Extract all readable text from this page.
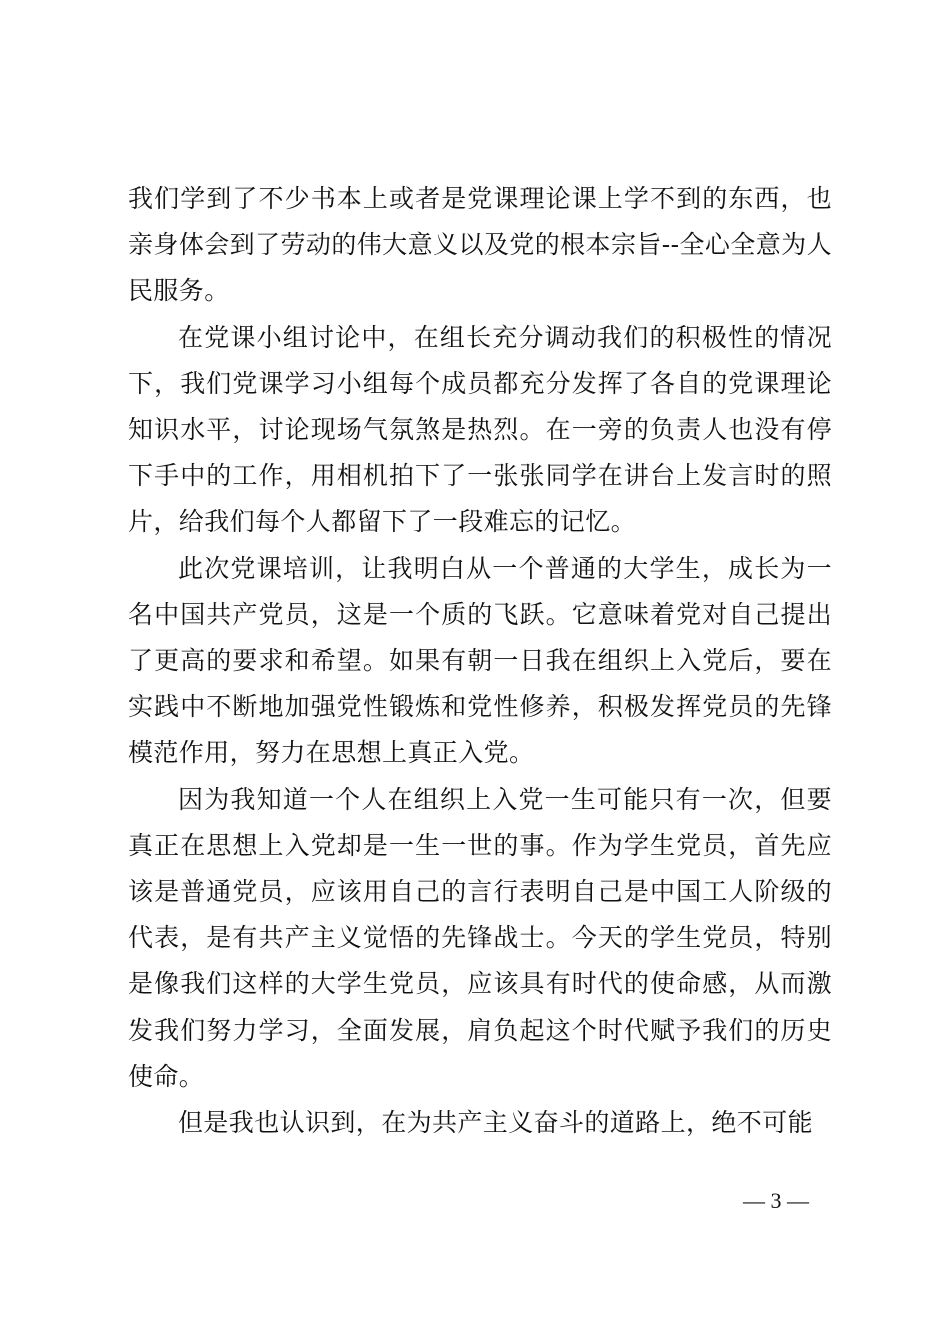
我们学到了不少书本上或者是党课理论课上学不到的东西，也亲身体会到了劳动的伟大意义以及党的根本宗旨--全心全意为人民服务。

在党课小组讨论中，在组长充分调动我们的积极性的情况下，我们党课学习小组每个成员都充分发挥了各自的党课理论知识水平，讨论现场气氛煞是热烈。在一旁的负责人也没有停下手中的工作，用相机拍下了一张张同学在讲台上发言时的照片，给我们每个人都留下了一段难忘的记忆。

此次党课培训，让我明白从一个普通的大学生，成长为一名中国共产党员，这是一个质的飞跃。它意味着党对自己提出了更高的要求和希望。如果有朝一日我在组织上入党后，要在实践中不断地加强党性锻炼和党性修养，积极发挥党员的先锋模范作用，努力在思想上真正入党。

因为我知道一个人在组织上入党一生可能只有一次，但要真正在思想上入党却是一生一世的事。作为学生党员，首先应该是普通党员，应该用自己的言行表明自己是中国工人阶级的代表，是有共产主义觉悟的先锋战士。今天的学生党员，特别是像我们这样的大学生党员，应该具有时代的使命感，从而激发我们努力学习，全面发展，肩负起这个时代赋予我们的历史使命。

但是我也认识到，在为共产主义奋斗的道路上，绝不可能

— 3 —
